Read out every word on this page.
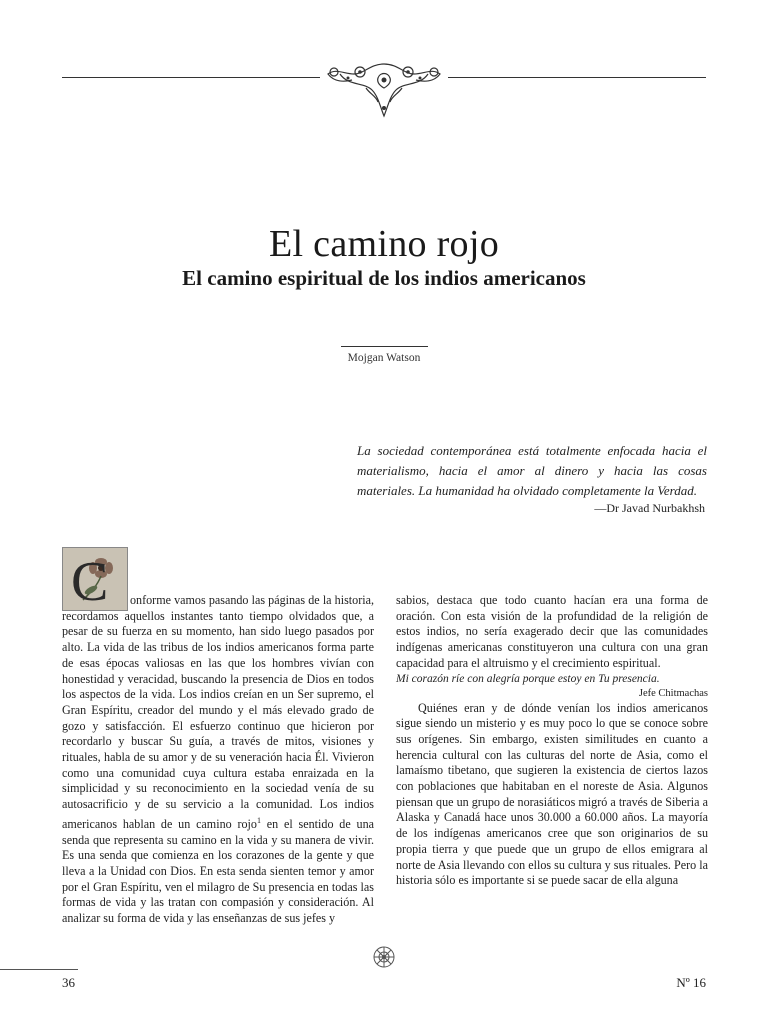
El camino rojo
El camino espiritual de los indios americanos
Mojgan Watson
La sociedad contemporánea está totalmente enfocada hacia el materialismo, hacia el amor al dinero y hacia las cosas materiales. La humanidad ha olvidado completamente la Verdad.
—Dr Javad Nurbakhsh
C	onforme vamos pasando las páginas de la historia, recordamos aquellos instantes tanto tiempo olvidados que, a pesar de su fuerza en su momento, han sido luego pasados por alto. La vida de las tribus de los indios americanos forma parte de esas épocas valiosas en las que los hombres vivían con honestidad y veracidad, buscando la presencia de Dios en todos los aspectos de la vida. Los indios creían en un Ser supremo, el Gran Espíritu, creador del mundo y el más elevado grado de gozo y satisfacción. El esfuerzo continuo que hicieron por recordarlo y buscar Su guía, a través de mitos, visiones y rituales, habla de su amor y de su veneración hacia Él. Vivieron como una comunidad cuya cultura estaba enraizada en la simplicidad y su reconocimiento en la sociedad venía de su autosacrificio y de su servicio a la comunidad. Los indios americanos hablan de un camino rojo$^1$ en el sentido de una senda que representa su camino en la vida y su manera de vivir. Es una senda que comienza en los corazones de la gente y que lleva a la Unidad con Dios. En esta senda sienten temor y amor por el Gran Espíritu, ven el milagro de Su presencia en todas las formas de vida y las tratan con compasión y consideración. Al analizar su forma de vida y las enseñanzas de sus jefes y

sabios, destaca que todo cuanto hacían era una forma de oración. Con esta visión de la profundidad de la religión de estos indios, no sería exagerado decir que las comunidades indígenas americanas constituyeron una cultura con una gran capacidad para el altruismo y el crecimiento espiritual.

Mi corazón ríe con alegría porque estoy en Tu presencia.

Jefe Chitmachas

Quiénes eran y de dónde venían los indios americanos sigue siendo un misterio y es muy poco lo que se conoce sobre sus orígenes. Sin embargo, existen similitudes en cuanto a herencia cultural con las culturas del norte de Asia, como el lamaísmo tibetano, que sugieren la existencia de ciertos lazos con poblaciones que habitaban en el noreste de Asia. Algunos piensan que un grupo de norasiáticos migró a través de Siberia a Alaska y Canadá hace unos 30.000 a 60.000 años. La mayoría de los indígenas americanos cree que son originarios de su propia tierra y que puede que un grupo de ellos emigrara al norte de Asia llevando con ellos su cultura y sus rituales. Pero la historia sólo es importante si se puede sacar de ella alguna

36	Nº 16
